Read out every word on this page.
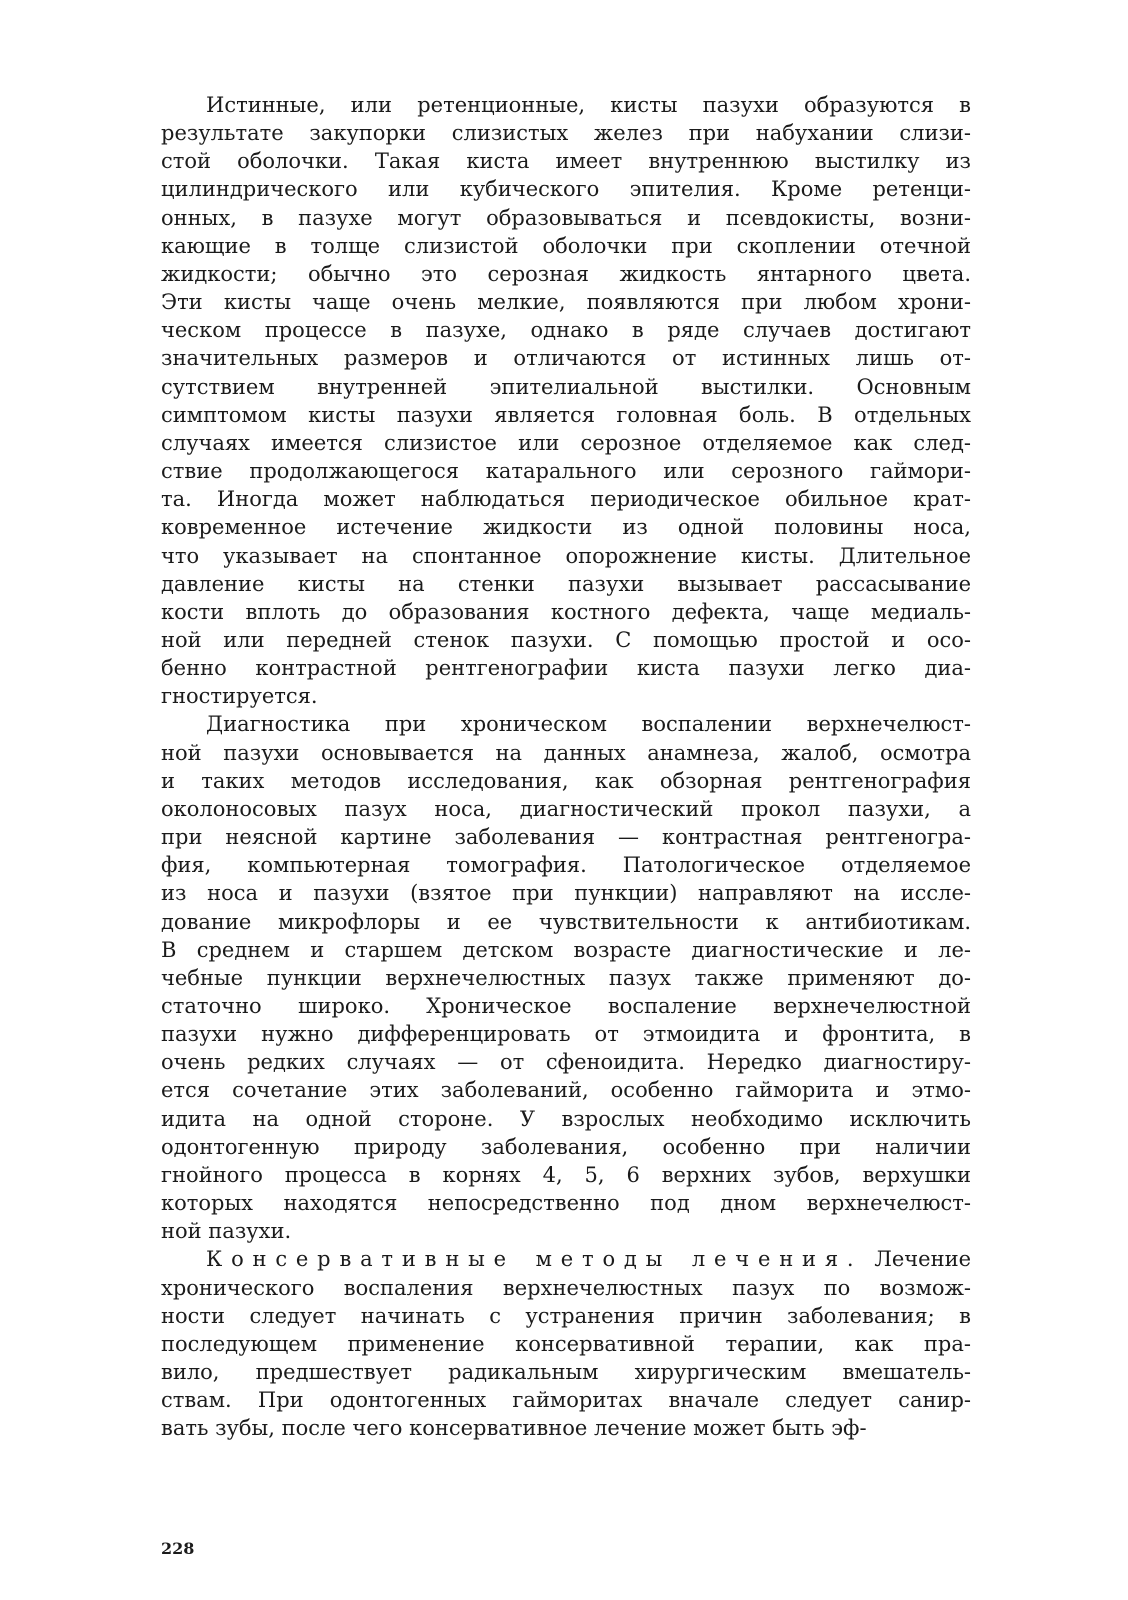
Истинные, или ретенционные, кисты пазухи образуются в
результате закупорки слизистых желез при набухании слизи-
стой оболочки. Такая киста имеет внутреннюю выстилку из
цилиндрического или кубического эпителия. Кроме ретенци-
онных, в пазухе могут образовываться и псевдокисты, возни-
кающие в толще слизистой оболочки при скоплении отечной
жидкости; обычно это серозная жидкость янтарного цвета.
Эти кисты чаще очень мелкие, появляются при любом хрони-
ческом процессе в пазухе, однако в ряде случаев достигают
значительных размеров и отличаются от истинных лишь от-
сутствием внутренней эпителиальной выстилки. Основным
симптомом кисты пазухи является головная боль. В отдельных
случаях имеется слизистое или серозное отделяемое как след-
ствие продолжающегося катарального или серозного гаймори-
та. Иногда может наблюдаться периодическое обильное крат-
ковременное истечение жидкости из одной половины носа,
что указывает на спонтанное опорожнение кисты. Длительное
давление кисты на стенки пазухи вызывает рассасывание
кости вплоть до образования костного дефекта, чаще медиаль-
ной или передней стенок пазухи. С помощью простой и осо-
бенно контрастной рентгенографии киста пазухи легко диа-
гностируется.
Диагностика при хроническом воспалении верхнечелюст-
ной пазухи основывается на данных анамнеза, жалоб, осмотра
и таких методов исследования, как обзорная рентгенография
околоносовых пазух носа, диагностический прокол пазухи, а
при неясной картине заболевания — контрастная рентгеногра-
фия, компьютерная томография. Патологическое отделяемое
из носа и пазухи (взятое при пункции) направляют на иссле-
дование микрофлоры и ее чувствительности к антибиотикам.
В среднем и старшем детском возрасте диагностические и ле-
чебные пункции верхнечелюстных пазух также применяют до-
статочно широко. Хроническое воспаление верхнечелюстной
пазухи нужно дифференцировать от этмоидита и фронтита, в
очень редких случаях — от сфеноидита. Нередко диагностиру-
ется сочетание этих заболеваний, особенно гайморита и этмо-
идита на одной стороне. У взрослых необходимо исключить
одонтогенную природу заболевания, особенно при наличии
гнойного процесса в корнях 4, 5, 6 верхних зубов, верхушки
которых находятся непосредственно под дном верхнечелюст-
ной пазухи.
Консервативные методы лечения. Лечение
хронического воспаления верхнечелюстных пазух по возмож-
ности следует начинать с устранения причин заболевания; в
последующем применение консервативной терапии, как пра-
вило, предшествует радикальным хирургическим вмешатель-
ствам. При одонтогенных гайморитах вначале следует санир-
вать зубы, после чего консервативное лечение может быть эф-
228
